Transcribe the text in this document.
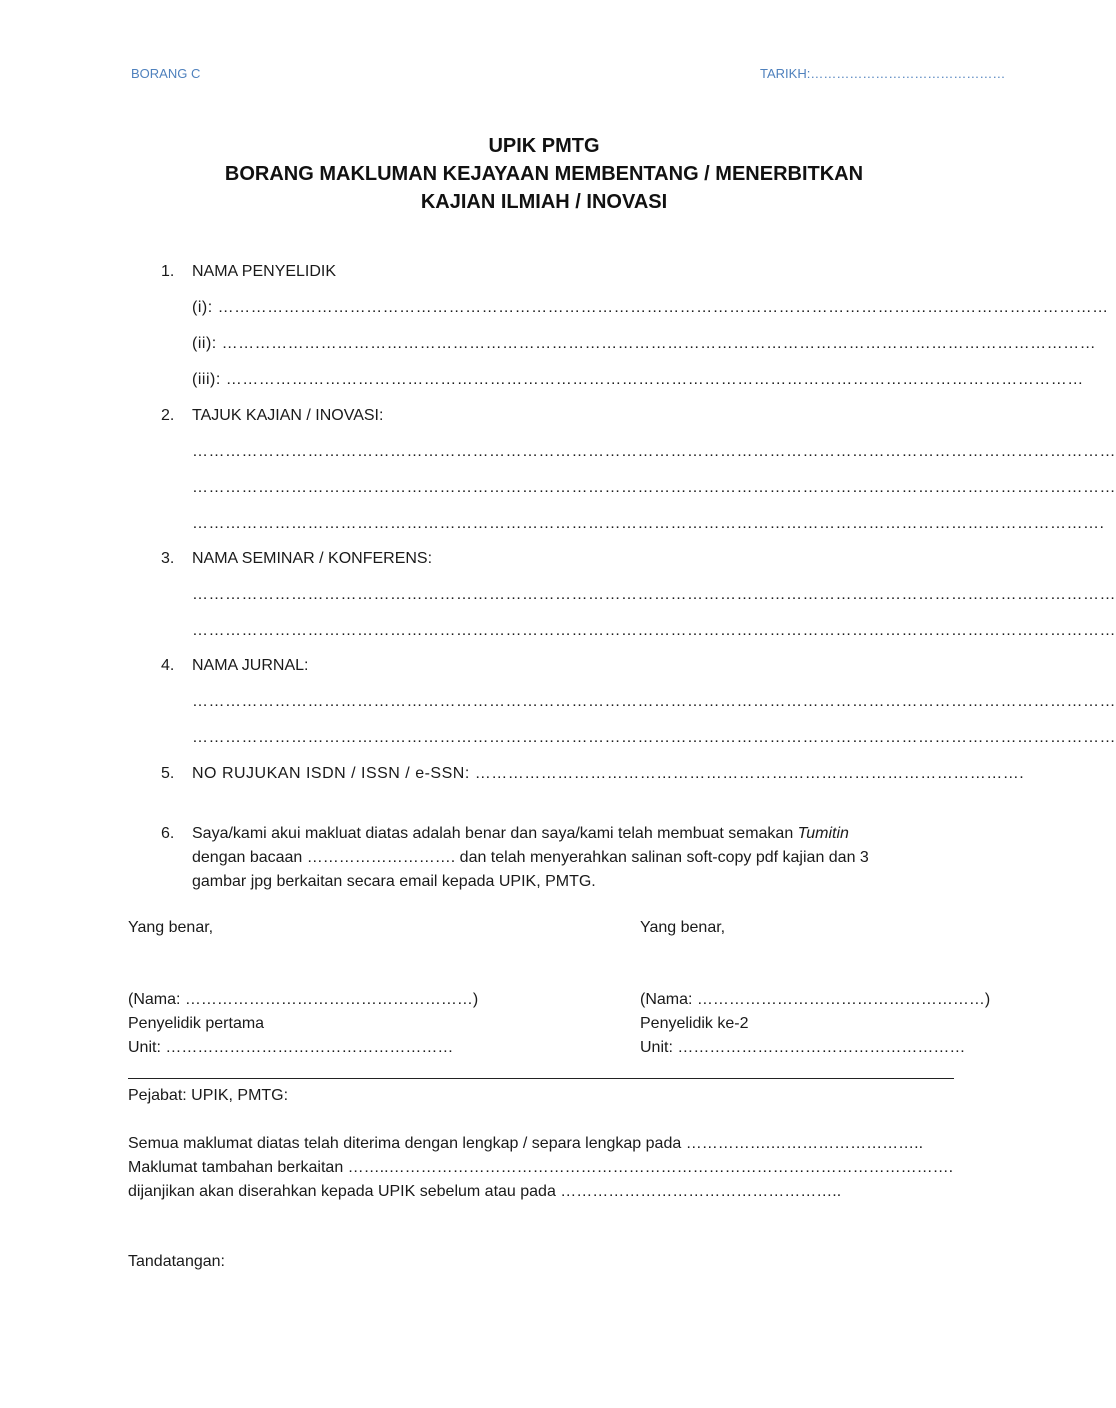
BORANG C	TARIKH:………………………………………
UPIK PMTG
BORANG MAKLUMAN KEJAYAAN MEMBENTANG / MENERBITKAN
KAJIAN ILMIAH / INOVASI
1. NAMA PENYELIDIK
(i): ………………………………………………………………………………………………………………………………………………
(ii): ……………………………………………………………………………………………………………………………………………
(iii): …………………………………………………………………………………………………………………………………………
2. TAJUK KAJIAN / INOVASI:
……………………………………………………………………………………………………………………………………………………
……………………………………………………………………………………………………………………………………………………
………………………………………………………………………………………………………………………………………………….
3. NAMA SEMINAR / KONFERENS:
……………………………………………………………………………………………………………………………………………………
……………………………………………………………………………………………………………………………………………………
4. NAMA JURNAL:
……………………………………………………………………………………………………………………………………………………
……………………………………………………………………………………………………………………………………………………
5. NO RUJUKAN ISDN / ISSN / e-SSN: ……………………………………………………………………………………….
6. Saya/kami akui makluat diatas adalah benar dan saya/kami telah membuat semakan Tumitin
dengan bacaan ………………………. dan telah menyerahkan salinan soft-copy pdf kajian dan 3
gambar jpg berkaitan secara email kepada UPIK, PMTG.
Yang benar,	Yang benar,
(Nama: ………………………………………………)
Penyelidik pertama
Unit: ………………………………………………
(Nama: ………………………………………………)
Penyelidik ke-2
Unit: ………………………………………………
Pejabat: UPIK, PMTG:
Semua maklumat diatas telah diterima dengan lengkap / separa lengkap pada …………….………………………..
Maklumat tambahan berkaitan ……..…………………………………………………………………………………………….
dijanjikan akan diserahkan kepada UPIK sebelum atau pada ……………………………………………..
Tandatangan:
